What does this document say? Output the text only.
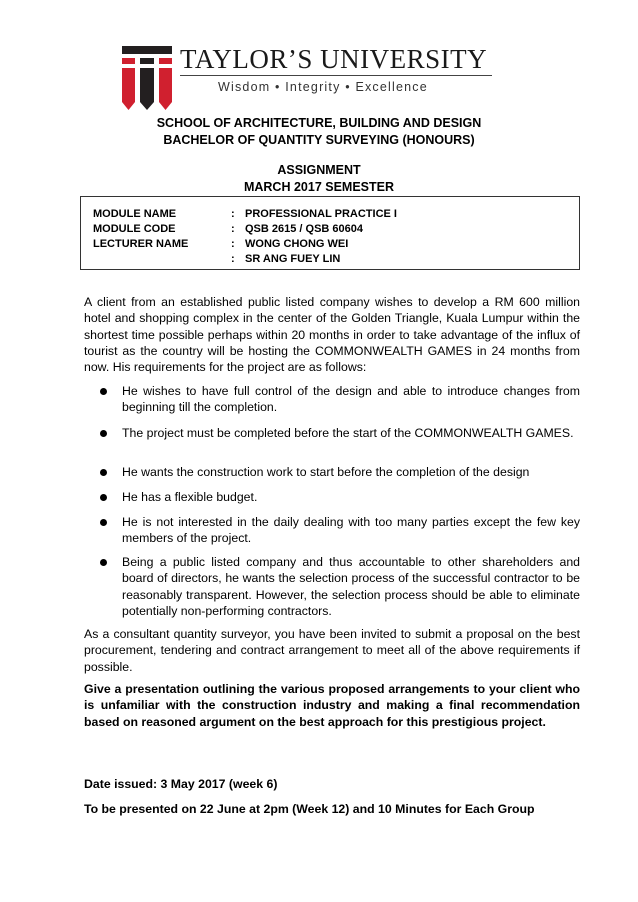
TAYLOR’S UNIVERSITY
Wisdom • Integrity • Excellence
SCHOOL OF ARCHITECTURE, BUILDING AND DESIGN
BACHELOR OF QUANTITY SURVEYING (HONOURS)
ASSIGNMENT
MARCH 2017 SEMESTER
MODULE NAME	: PROFESSIONAL PRACTICE I
MODULE CODE	: QSB 2615 / QSB 60604
LECTURER NAME	: WONG CHONG WEI
: SR ANG FUEY LIN
A client from an established public listed company wishes to develop a RM 600 million hotel and shopping complex in the center of the Golden Triangle, Kuala Lumpur within the shortest time possible perhaps within 20 months in order to take advantage of the influx of tourist as the country will be hosting the COMMONWEALTH GAMES in 24 months from now. His requirements for the project are as follows:
He wishes to have full control of the design and able to introduce changes from beginning till the completion.
The project must be completed before the start of the COMMONWEALTH GAMES.
He wants the construction work to start before the completion of the design
He has a flexible budget.
He is not interested in the daily dealing with too many parties except the few key members of the project.
Being a public listed company and thus accountable to other shareholders and board of directors, he wants the selection process of the successful contractor to be reasonably transparent. However, the selection process should be able to eliminate potentially non-performing contractors.
As a consultant quantity surveyor, you have been invited to submit a proposal on the best procurement, tendering and contract arrangement to meet all of the above requirements if possible.
Give a presentation outlining the various proposed arrangements to your client who is unfamiliar with the construction industry and making a final recommendation based on reasoned argument on the best approach for this prestigious project.
Date issued: 3 May 2017 (week 6)
To be presented on 22 June at 2pm (Week 12) and 10 Minutes for Each Group
